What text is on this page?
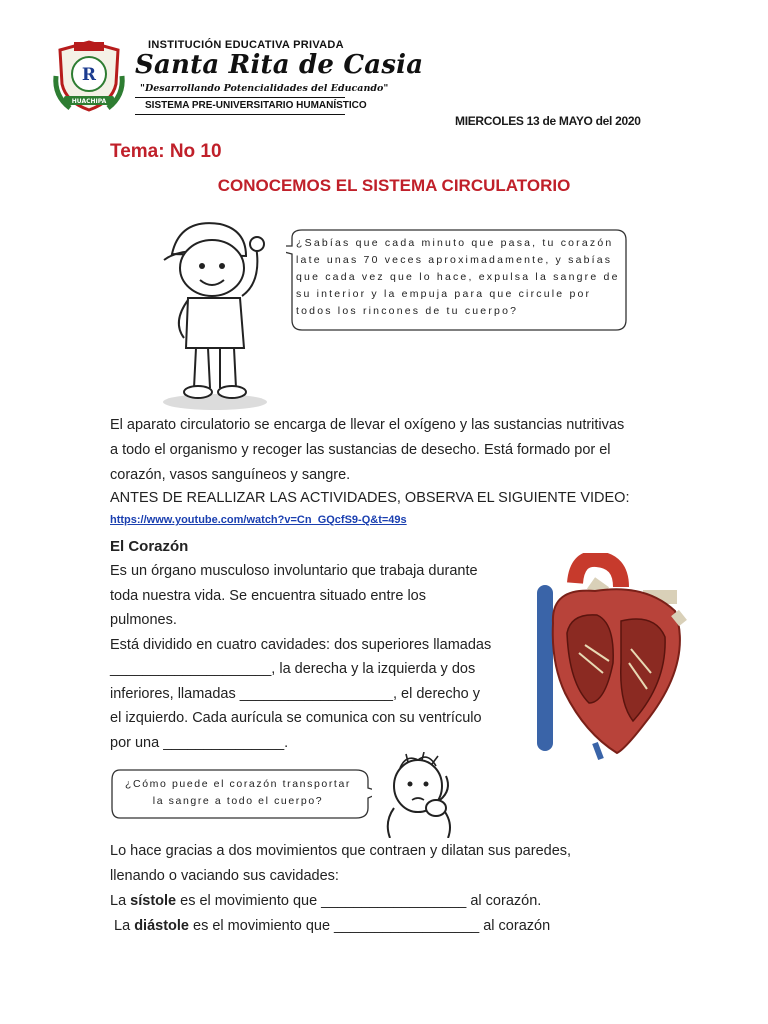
R
HUACHIPA
INSTITUCIÓN EDUCATIVA PRIVADA
Santa Rita de Casia
"Desarrollando Potencialidades del Educando"
SISTEMA PRE-UNIVERSITARIO HUMANÍSTICO
MIERCOLES 13 de MAYO del 2020
Tema: No 10
CONOCEMOS EL SISTEMA CIRCULATORIO
¿Sabías que cada minuto que pasa, tu corazón
late unas 70 veces aproximadamente, y sabías
que cada vez que lo hace, expulsa la sangre de
su interior y la empuja para que circule por
todos los rincones de tu cuerpo?
El aparato circulatorio se encarga de llevar el oxígeno y las sustancias nutritivas
a todo el organismo y recoger las sustancias de desecho. Está formado por el
corazón, vasos sanguíneos y sangre.
ANTES DE REALLIZAR LAS ACTIVIDADES, OBSERVA EL SIGUIENTE VIDEO:
https://www.youtube.com/watch?v=Cn_GQcfS9-Q&t=49s
El Corazón
Es un órgano musculoso involuntario que trabaja durante
toda nuestra vida. Se encuentra situado entre los
pulmones.
Está dividido en cuatro cavidades: dos superiores llamadas
____________________, la derecha y la izquierda y dos
inferiores, llamadas ___________________, el derecho y
el izquierdo. Cada aurícula se comunica con su ventrículo
por una _______________.
¿Cómo puede el corazón transportar
la sangre a todo el cuerpo?
Lo hace gracias a dos movimientos que contraen y dilatan sus paredes,
llenando o vaciando sus cavidades:
La sístole es el movimiento que __________________ al corazón.
La diástole es el movimiento que __________________ al corazón
